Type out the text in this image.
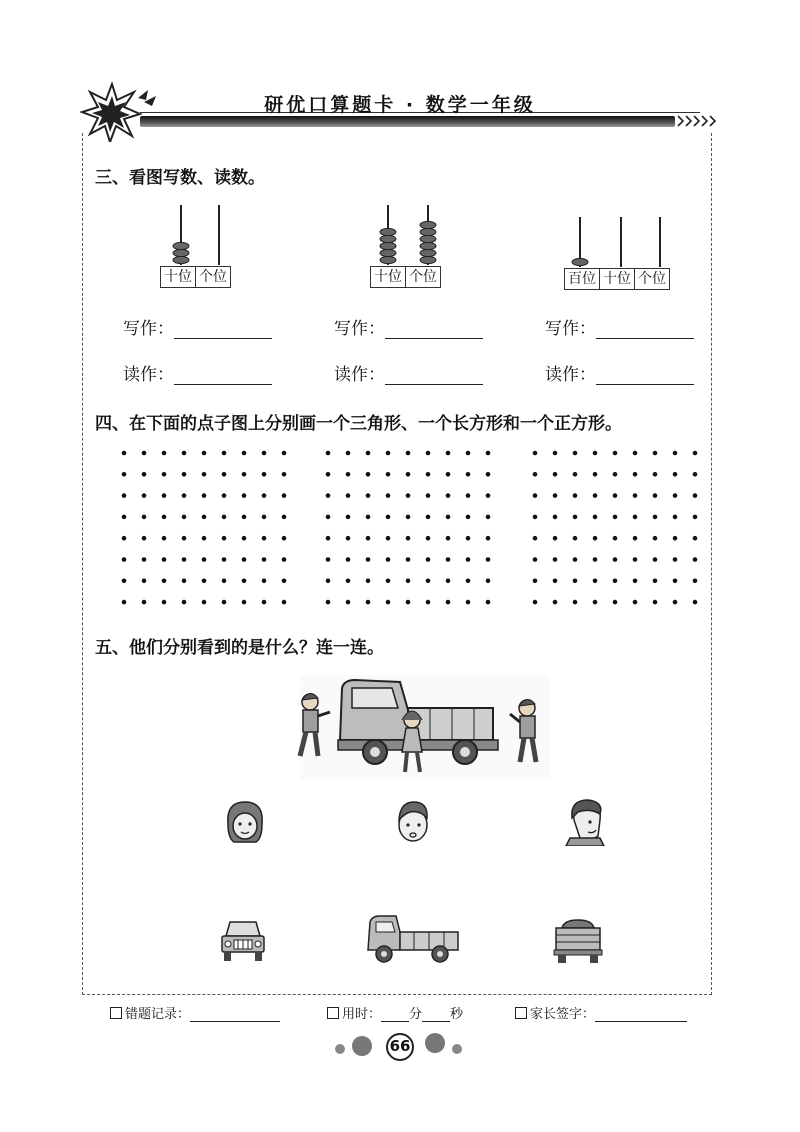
研优口算题卡 · 数学一年级
三、看图写数、读数。
十位 个位	十位 个位	百位 十位 个位
写作：	写作：	写作：
读作：	读作：	读作：
四、在下面的点子图上分别画一个三角形、一个长方形和一个正方形。
五、他们分别看到的是什么？连一连。
错题记录：	用时： 分 秒	家长签字：
66
